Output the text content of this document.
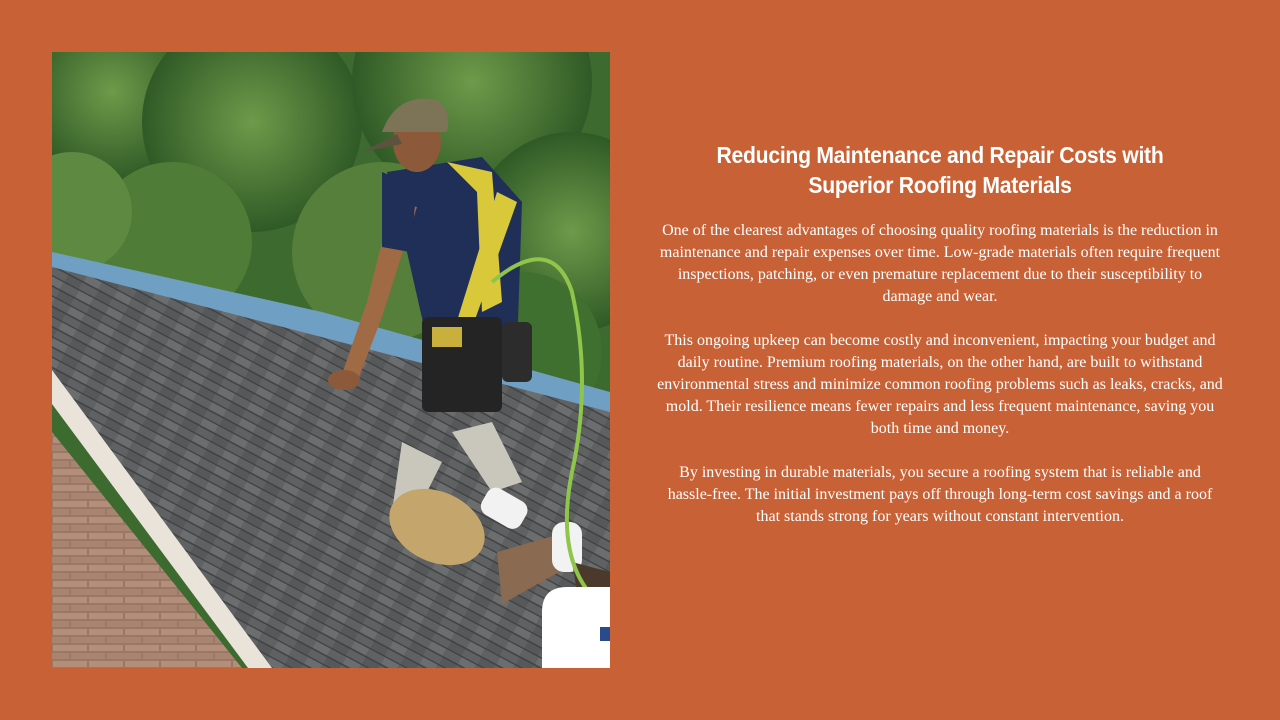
Reducing Maintenance and Repair Costs with Superior Roofing Materials

One of the clearest advantages of choosing quality roofing materials is the reduction in maintenance and repair expenses over time. Low-grade materials often require frequent inspections, patching, or even premature replacement due to their susceptibility to damage and wear.

This ongoing upkeep can become costly and inconvenient, impacting your budget and daily routine. Premium roofing materials, on the other hand, are built to withstand environmental stress and minimize common roofing problems such as leaks, cracks, and mold. Their resilience means fewer repairs and less frequent maintenance, saving you both time and money.

By investing in durable materials, you secure a roofing system that is reliable and hassle-free. The initial investment pays off through long-term cost savings and a roof that stands strong for years without constant intervention.
